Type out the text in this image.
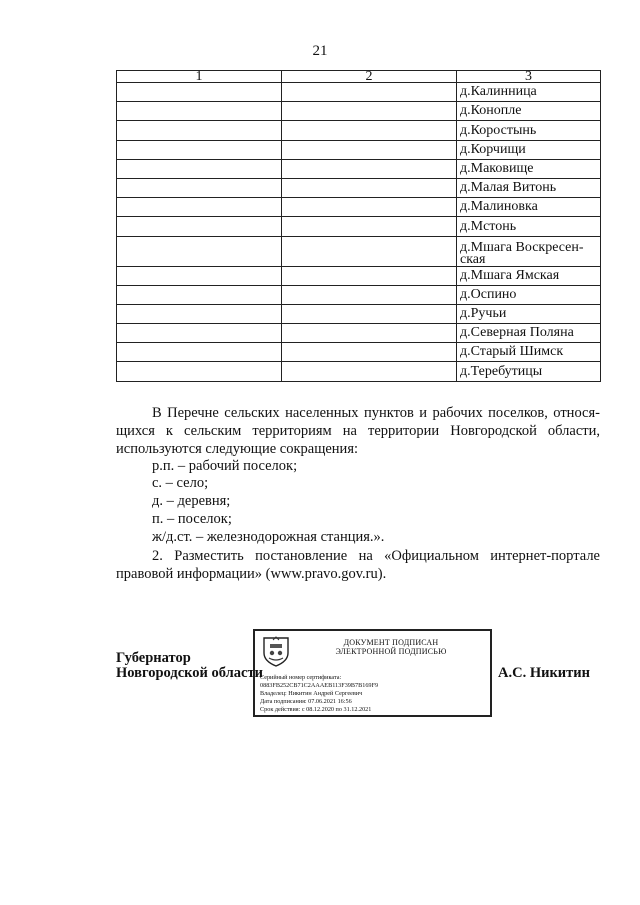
21
1	2	3
		д.Калинница
		д.Конопле
		д.Коростынь
		д.Корчищи
		д.Маковище
		д.Малая Витонь
		д.Малиновка
		д.Мстонь
		д.Мшага Воскресен-ская
		д.Мшага Ямская
		д.Оспино
		д.Ручьи
		д.Северная Поляна
		д.Старый Шимск
		д.Теребутицы

В Перечне сельских населенных пунктов и рабочих поселков, относя-щихся к сельским территориям на территории Новгородской области, используются следующие сокращения:

р.п. – рабочий поселок;
с. – село;
д. – деревня;
п. – поселок;
ж/д.ст. – железнодорожная станция.».

2. Разместить постановление на «Официальном интернет-портале правовой информации» (www.pravo.gov.ru).

Губернатор
Новгородской области
ДОКУМЕНТ ПОДПИСАН
ЭЛЕКТРОННОЙ ПОДПИСЬЮ
Серийный номер сертификата:
0883FB252CB71C2AAAEB113F39B7B169F9
Владелец: Никитин Андрей Сергеевич
Дата подписания: 07.06.2021 16:56
Срок действия: с 08.12.2020 по 31.12.2021
А.С. Никитин
